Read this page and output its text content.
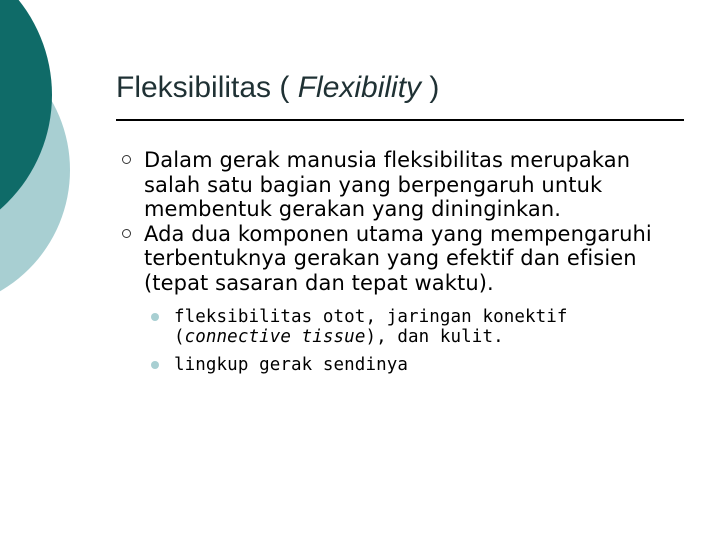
Fleksibilitas ( Flexibility )
Dalam gerak manusia fleksibilitas merupakan salah satu bagian yang berpengaruh untuk membentuk gerakan yang dininginkan.
Ada dua komponen utama yang mempengaruhi terbentuknya gerakan yang efektif dan efisien (tepat sasaran dan tepat waktu).
fleksibilitas otot, jaringan konektif (connective tissue), dan kulit.
lingkup gerak sendinya
